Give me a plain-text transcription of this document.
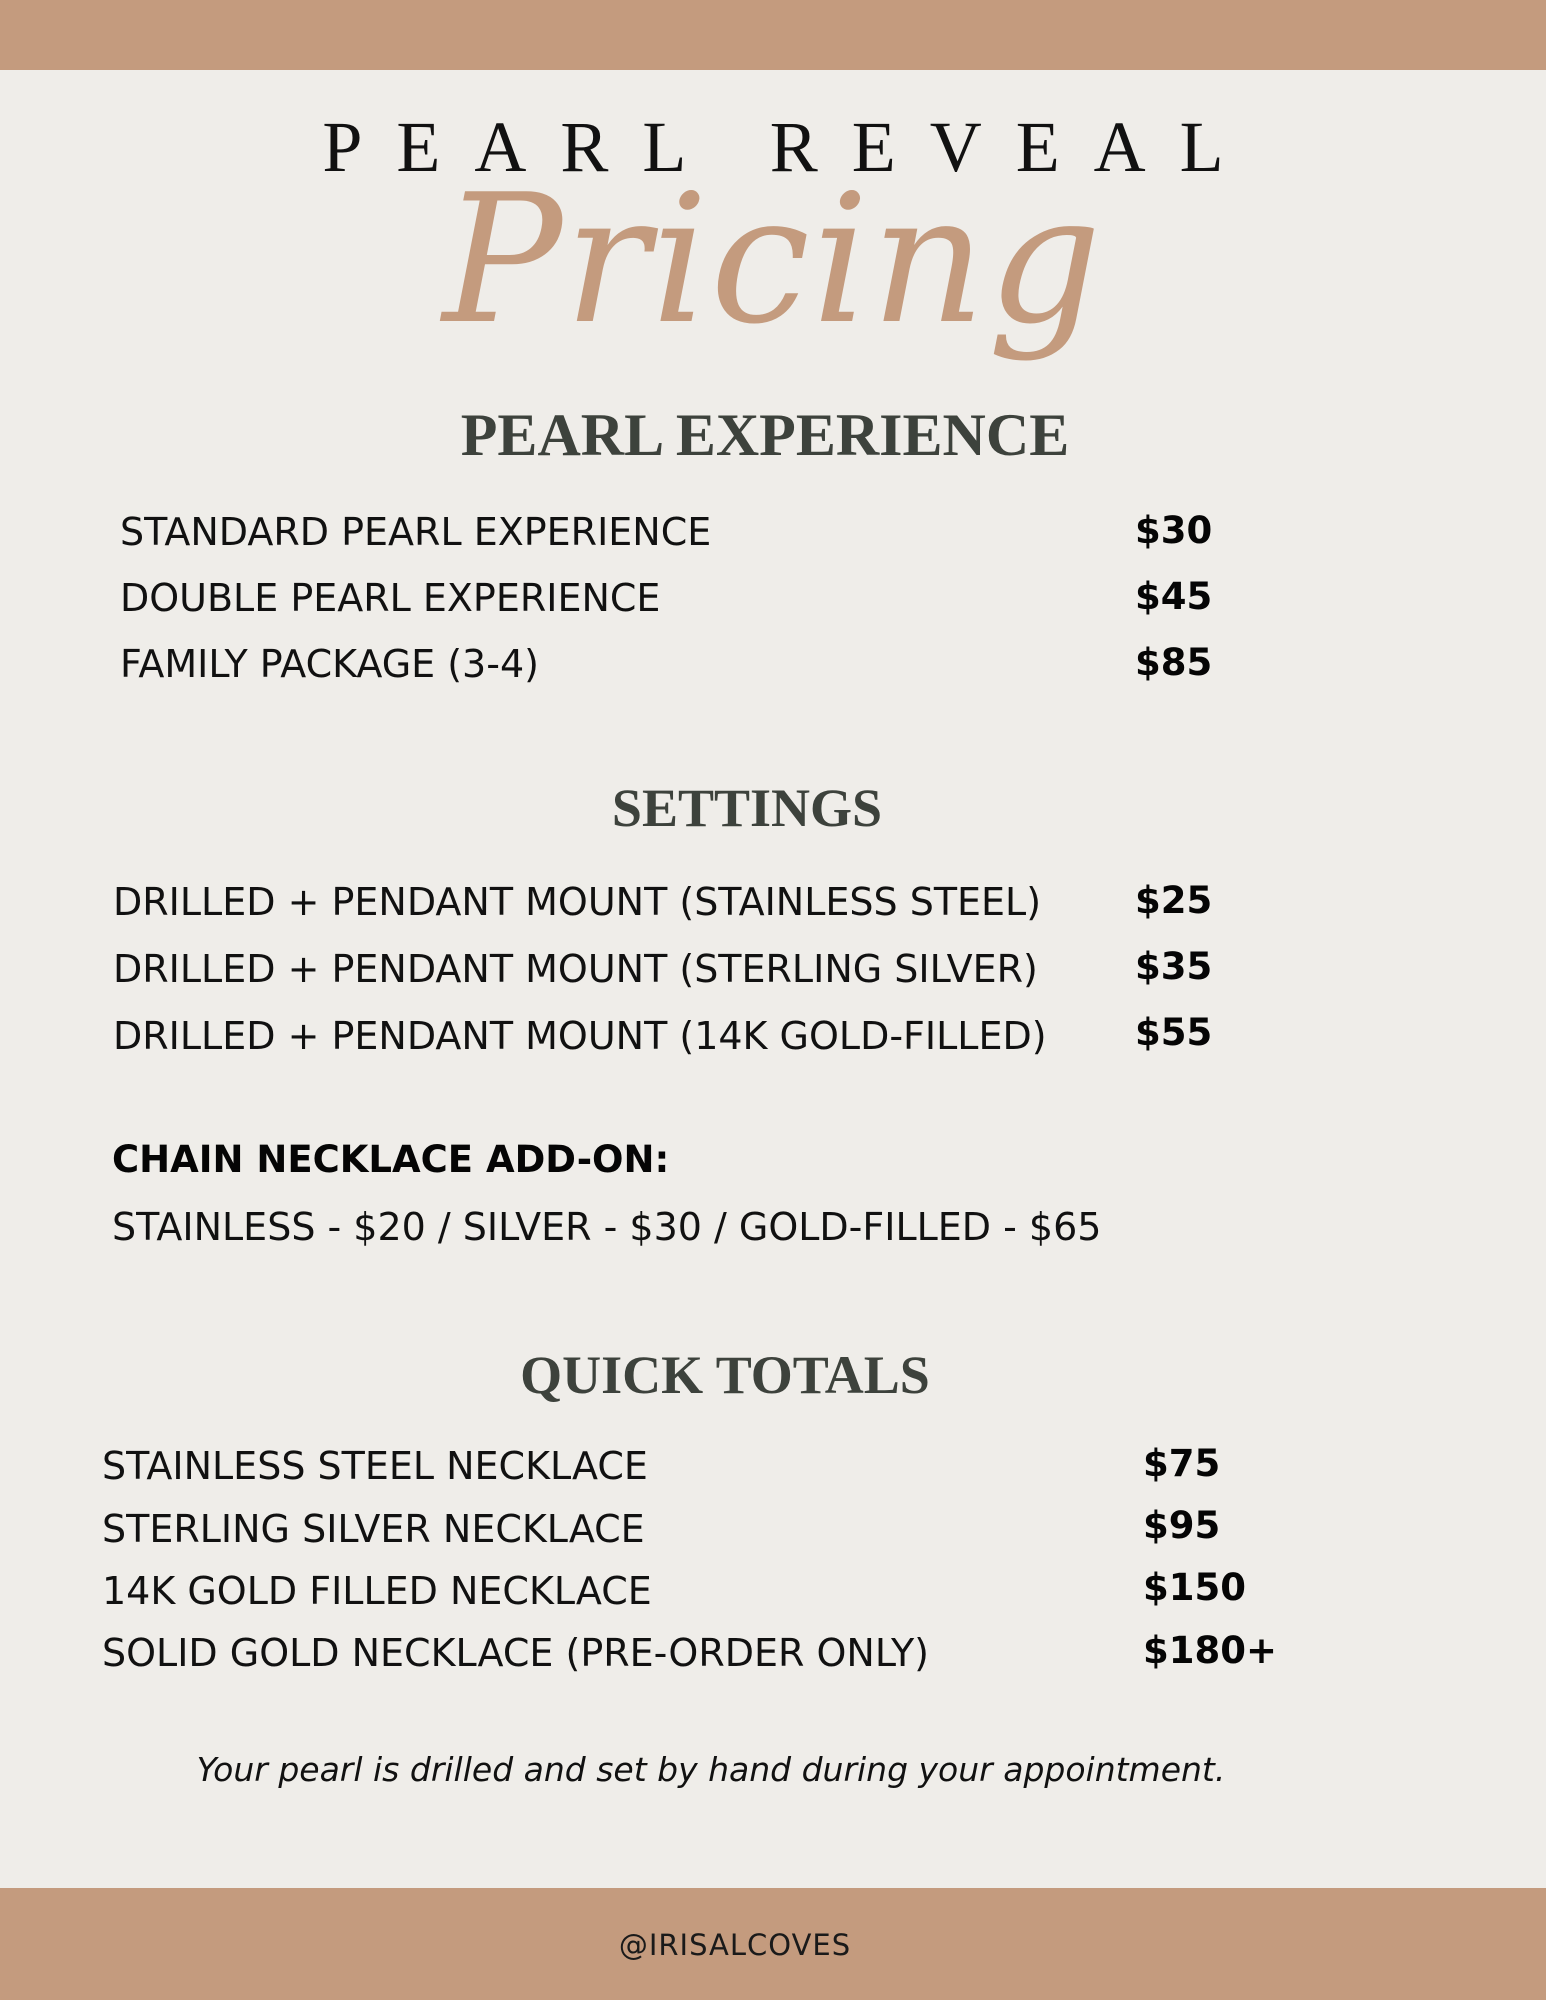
PEARL REVEAL
Pricing
PEARL EXPERIENCE
STANDARD PEARL EXPERIENCE	$30
DOUBLE PEARL EXPERIENCE	$45
FAMILY PACKAGE (3-4)	$85
SETTINGS
DRILLED + PENDANT MOUNT (STAINLESS STEEL)	$25
DRILLED + PENDANT MOUNT (STERLING SILVER)	$35
DRILLED + PENDANT MOUNT (14K GOLD-FILLED) $55
CHAIN NECKLACE ADD-ON:
STAINLESS - $20 / SILVER - $30 / GOLD-FILLED - $65
QUICK TOTALS
STAINLESS STEEL NECKLACE	$75
STERLING SILVER NECKLACE	$95
14K GOLD FILLED NECKLACE	$150
SOLID GOLD NECKLACE (PRE-ORDER ONLY)	$180+
Your pearl is drilled and set by hand during your appointment.
@IRISALCOVES
